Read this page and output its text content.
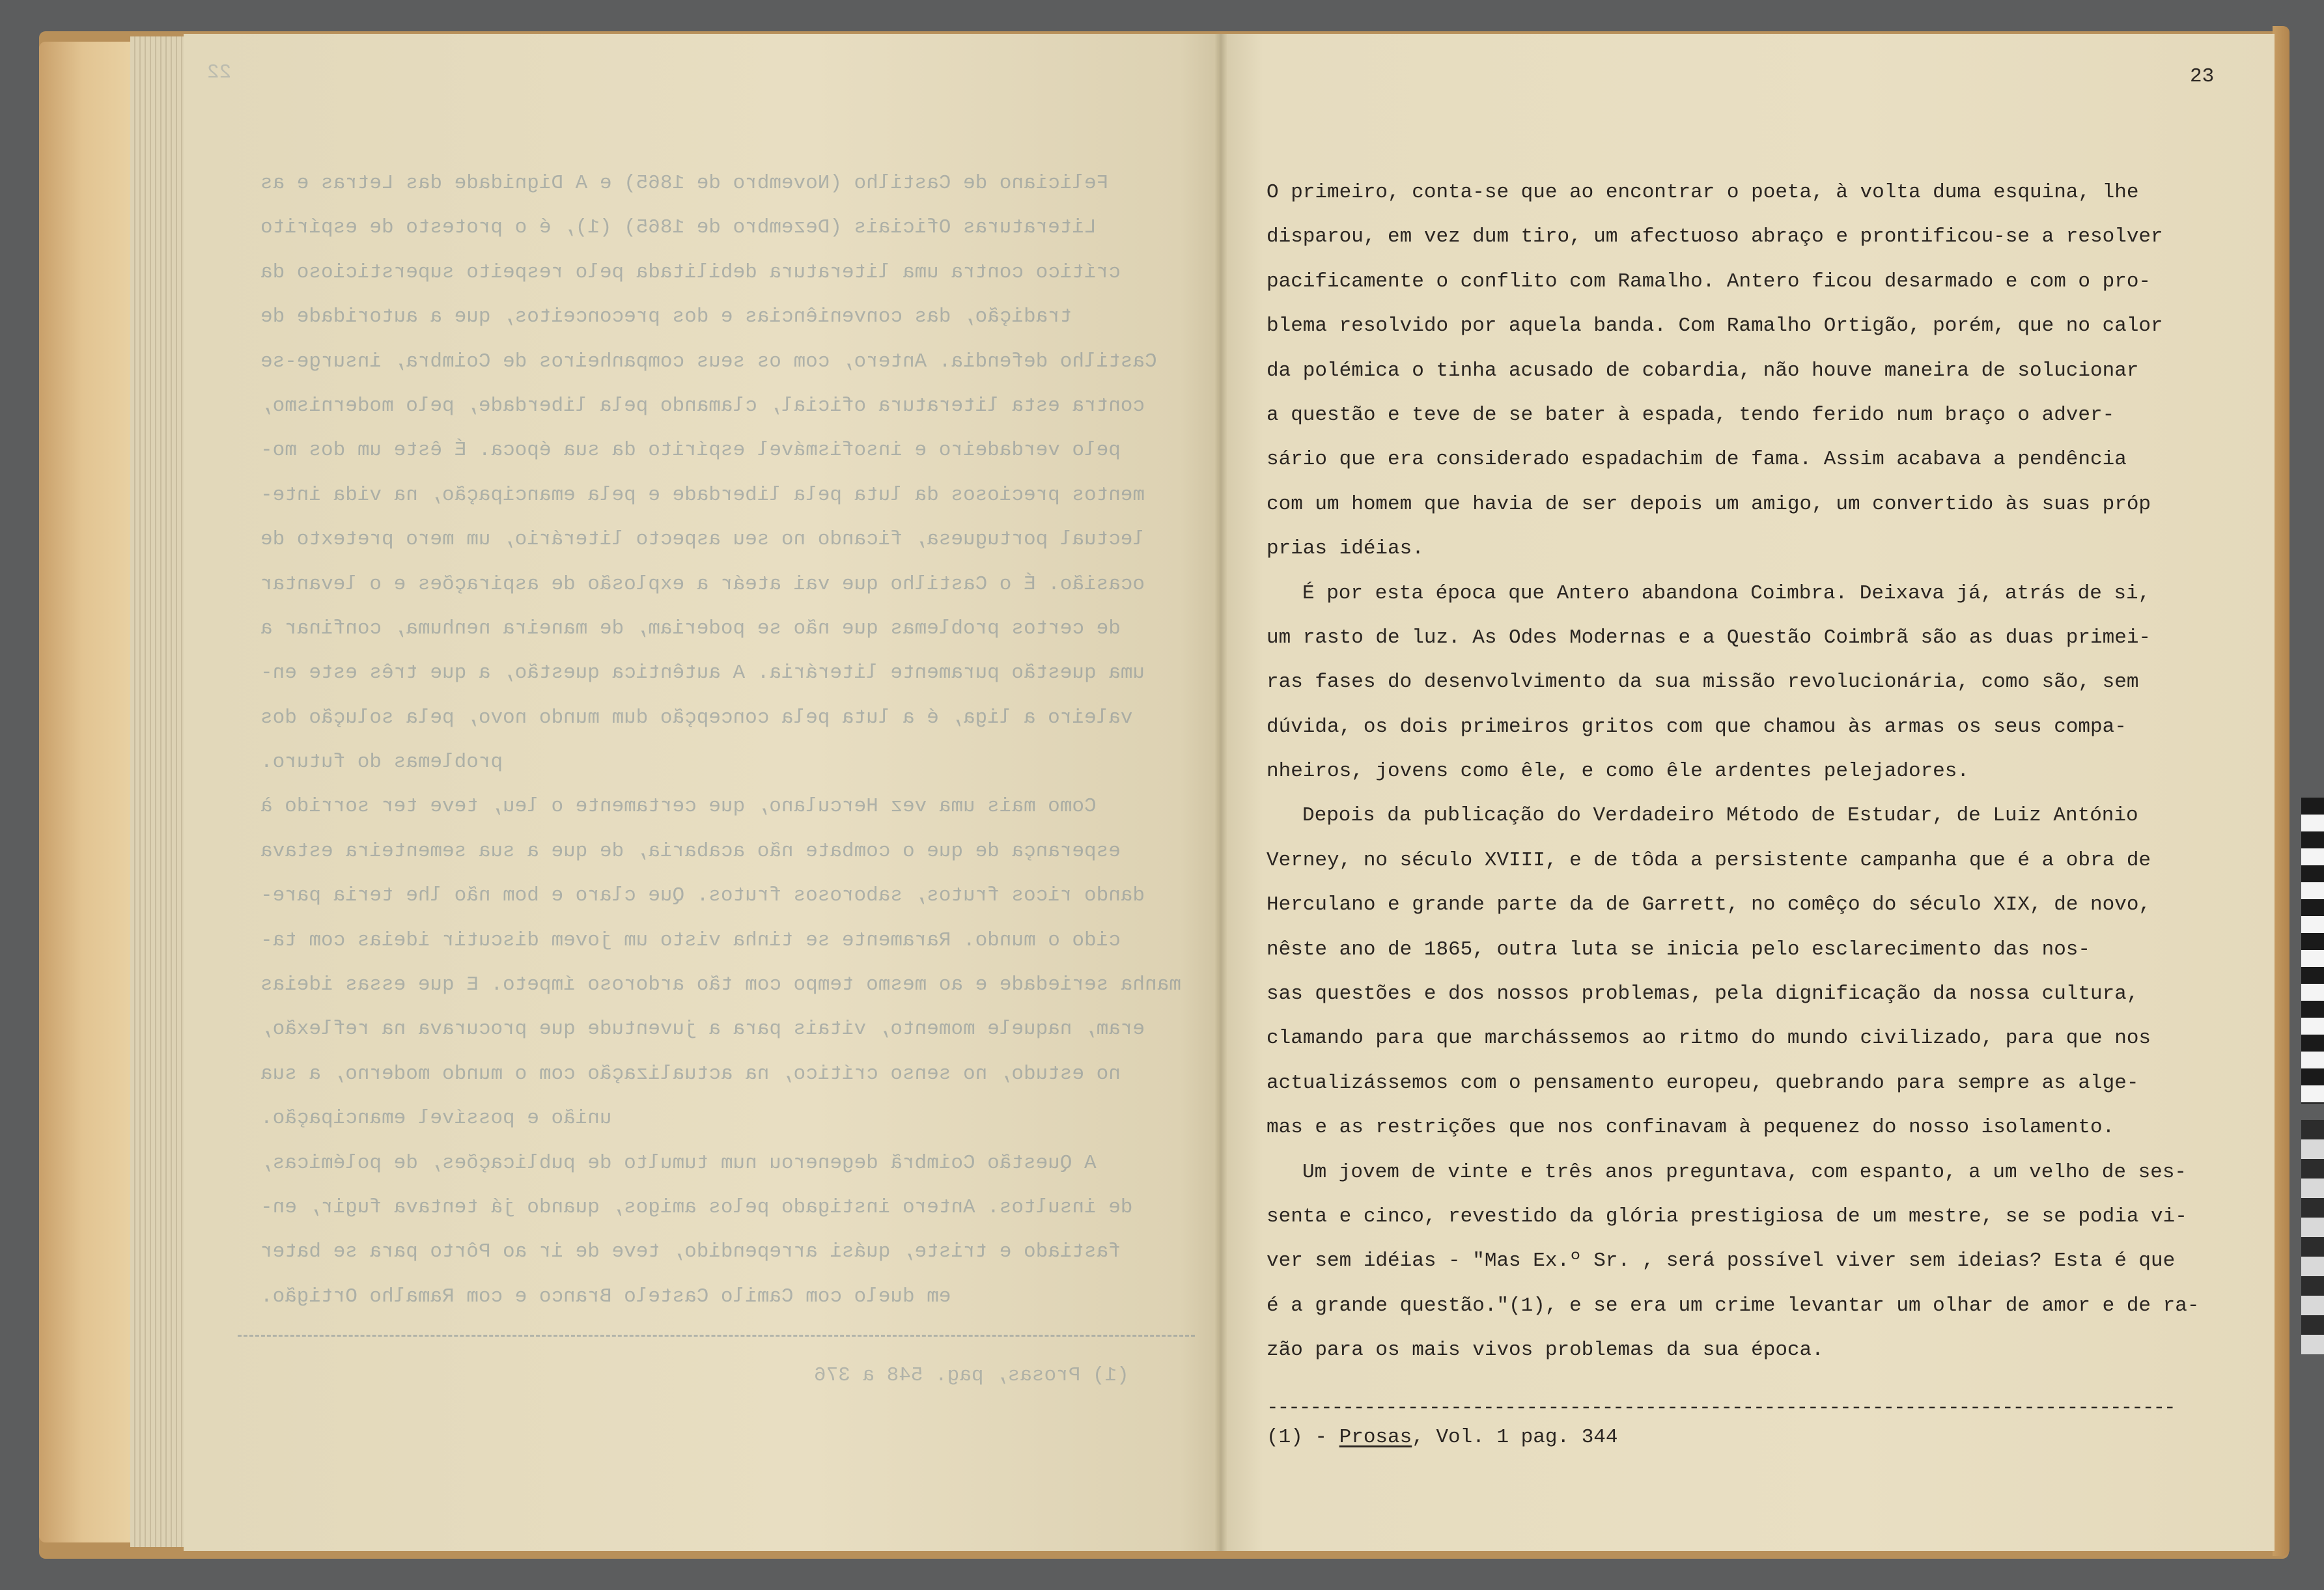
22
Feliciano de Castilho (Novembro de 1865) e A Dignidade das Letras e as
Literaturas Oficiais (Dezembro de 1865) (1), é o protesto de espírito
crítico contra uma literatura debilitada pelo respeito supersticioso da
tradição, das conveniências e dos preconceitos, que a autoridade de
Castilho defendia. Antero, com os seus companheiros de Coimbra, insurge-se
contra esta literatura oficial, clamando pela liberdade, pelo modernismo,
pelo verdadeiro e insofismável espírito da sua época. É êste um dos mo-
mentos preciosos da luta pela liberdade e pela emancipação, na vida inte-
lectual portuguesa, ficando no seu aspecto literário, um mero pretexto de
ocasião. É o Castilho que vai ateár a explosão de aspirações e o levantar
de certos problemas que não se poderiam, de maneira nenhuma, confinar a
uma questão puramente literária. A autêntica questão, a que três este en-
valeiro a liga, é a luta pela concepção dum mundo novo, pela solução dos
problemas do futuro.
Como mais uma vez Herculano, que certamente o leu, teve ter sorrido à
esperança de que o combate não acabaria, de que a sua sementeira estava
dando ricos frutos, saborosos frutos. Que claro e bom não lhe teria pare-
cido o mundo. Raramente se tinha visto um jovem discutir ideias com ta-
manha seriedade e ao mesmo tempo com tão ardoroso ímpeto. E que essas ideias
eram, naquele momento, vitais para a juventude que procurava na reflexão,
no estudo, no senso crítico, na actualização com o mundo moderno, a sua
união e possível emancipação.
A Questão Coimbrã degenerou num tumulto de publicações, de polémicas,
de insultos. Antero instigado pelos amigos, quando já tentava fugir, en-
fastiado e triste, quási arrependido, teve de ir ao Pôrto para se bater
em duelo com Camilo Castelo Branco e com Ramalho Ortigão.
(1) Prosas, pag. 548 a 376
23
O primeiro, conta-se que ao encontrar o poeta, à volta duma esquina, lhe
disparou, em vez dum tiro, um afectuoso abraço e prontificou-se a resolver
pacificamente o conflito com Ramalho. Antero ficou desarmado e com o pro-
blema resolvido por aquela banda. Com Ramalho Ortigão, porém, que no calor
da polémica o tinha acusado de cobardia, não houve maneira de solucionar
a questão e teve de se bater à espada, tendo ferido num braço o adver-
sário que era considerado espadachim de fama. Assim acabava a pendência
com um homem que havia de ser depois um amigo, um convertido às suas próp
prias idéias.
É por esta época que Antero abandona Coimbra. Deixava já, atrás de si,
um rasto de luz. As Odes Modernas e a Questão Coimbrã são as duas primei-
ras fases do desenvolvimento da sua missão revolucionária, como são, sem
dúvida, os dois primeiros gritos com que chamou às armas os seus compa-
nheiros, jovens como êle, e como êle ardentes pelejadores.
Depois da publicação do Verdadeiro Método de Estudar, de Luiz António
Verney, no século XVIII, e de tôda a persistente campanha que é a obra de
Herculano e grande parte da de Garrett, no comêço do século XIX, de novo,
nêste ano de 1865, outra luta se inicia pelo esclarecimento das nos-
sas questões e dos nossos problemas, pela dignificação da nossa cultura,
clamando para que marchássemos ao ritmo do mundo civilizado, para que nos
actualizássemos com o pensamento europeu, quebrando para sempre as alge-
mas e as restrições que nos confinavam à pequenez do nosso isolamento.
Um jovem de vinte e três anos preguntava, com espanto, a um velho de ses-
senta e cinco, revestido da glória prestigiosa de um mestre, se se podia vi-
ver sem idéias - "Mas Ex.º Sr. , será possível viver sem ideias? Esta é que
é a grande questão."(1), e se era um crime levantar um olhar de amor e de ra-
zão para os mais vivos problemas da sua época.
------------------------------------------------------------------------------------
(1) - Prosas, Vol. 1 pag. 344
